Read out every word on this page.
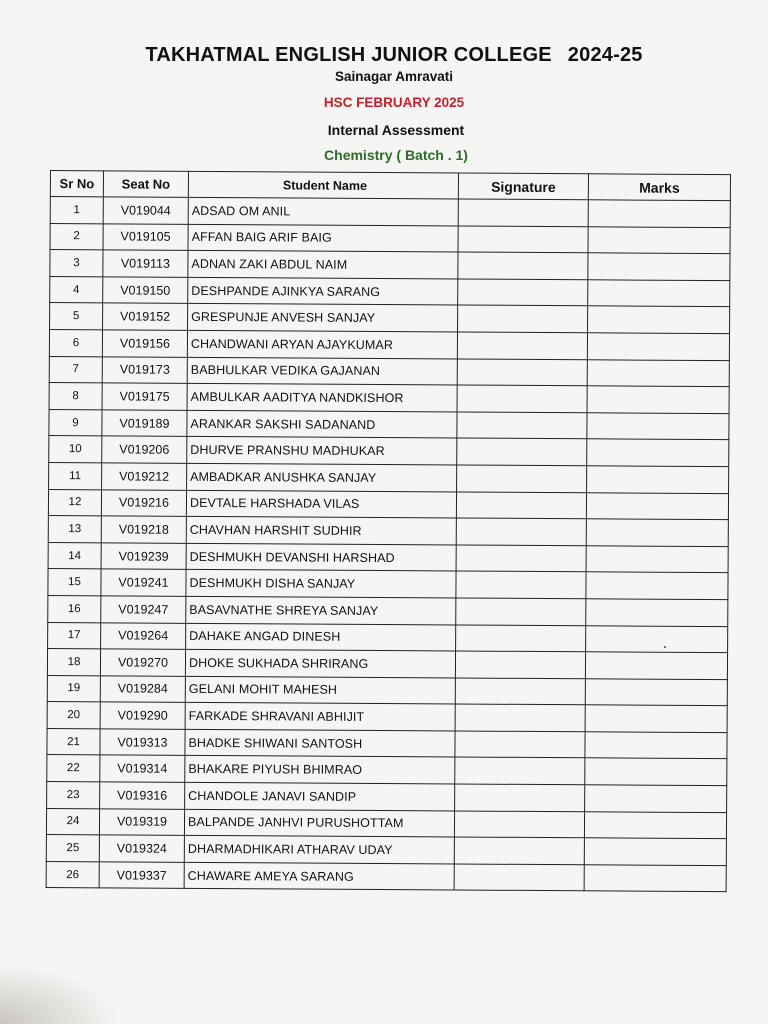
TAKHATMAL ENGLISH JUNIOR COLLEGE 2024-25
Sainagar Amravati
HSC FEBRUARY 2025
Internal Assessment
Chemistry ( Batch . 1)
Sr No	Seat No	Student Name	Signature	Marks
1	V019044	ADSAD OM ANIL		
2	V019105	AFFAN BAIG ARIF BAIG		
3	V019113	ADNAN ZAKI ABDUL NAIM		
4	V019150	DESHPANDE AJINKYA SARANG		
5	V019152	GRESPUNJE ANVESH SANJAY		
6	V019156	CHANDWANI ARYAN AJAYKUMAR		
7	V019173	BABHULKAR VEDIKA GAJANAN		
8	V019175	AMBULKAR AADITYA NANDKISHOR		
9	V019189	ARANKAR SAKSHI SADANAND		
10	V019206	DHURVE PRANSHU MADHUKAR		
11	V019212	AMBADKAR ANUSHKA SANJAY		
12	V019216	DEVTALE HARSHADA VILAS		
13	V019218	CHAVHAN HARSHIT SUDHIR		
14	V019239	DESHMUKH DEVANSHI HARSHAD		
15	V019241	DESHMUKH DISHA SANJAY		
16	V019247	BASAVNATHE SHREYA SANJAY		
17	V019264	DAHAKE ANGAD DINESH		
18	V019270	DHOKE SUKHADA SHRIRANG		
19	V019284	GELANI MOHIT MAHESH		
20	V019290	FARKADE SHRAVANI ABHIJIT		
21	V019313	BHADKE SHIWANI SANTOSH		
22	V019314	BHAKARE PIYUSH BHIMRAO		
23	V019316	CHANDOLE JANAVI SANDIP		
24	V019319	BALPANDE JANHVI PURUSHOTTAM		
25	V019324	DHARMADHIKARI ATHARAV UDAY		
26	V019337	CHAWARE AMEYA SARANG		
